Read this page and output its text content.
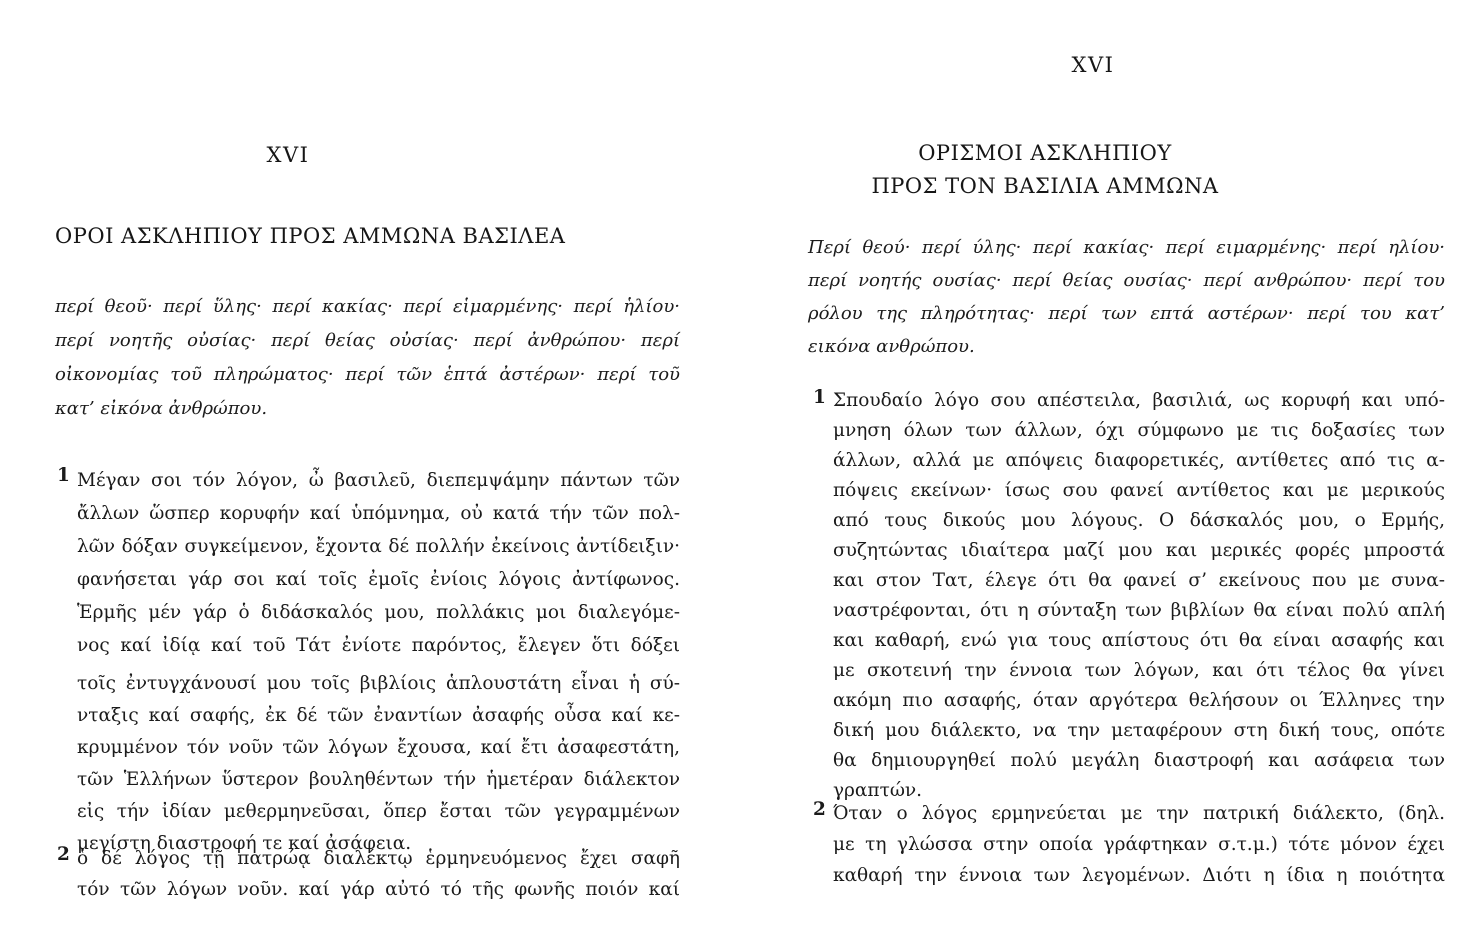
XVI
ΟΡΟΙ ΑΣΚΛΗΠΙΟΥ ΠΡΟΣ ΑΜΜΩΝΑ ΒΑΣΙΛΕΑ
περί θεοῦ· περί ὕλης· περί κακίας· περί εἱμαρμένης· περί ἡλίου·
περί νοητῆς οὐσίας· περί θείας οὐσίας· περί ἀνθρώπου· περί
οἰκονομίας τοῦ πληρώματος· περί τῶν ἑπτά ἀστέρων· περί τοῦ
κατ’ εἰκόνα ἀνθρώπου.
1 Μέγαν σοι τόν λόγον, ὦ βασιλεῦ, διεπεμψάμην πάντων τῶν
ἄλλων ὥσπερ κορυφήν καί ὑπόμνημα, οὐ κατά τήν τῶν πολ-
λῶν δόξαν συγκείμενον, ἔχοντα δέ πολλήν ἐκείνοις ἀντίδειξιν·
φανήσεται γάρ σοι καί τοῖς ἐμοῖς ἐνίοις λόγοις ἀντίφωνος.
Ἑρμῆς μέν γάρ ὁ διδάσκαλός μου, πολλάκις μοι διαλεγόμε-
νος καί ἰδίᾳ καί τοῦ Τάτ ἐνίοτε παρόντος, ἔλεγεν ὅτι δόξει
τοῖς ἐντυγχάνουσί μου τοῖς βιβλίοις ἁπλουστάτη εἶναι ἡ σύ-
νταξις καί σαφής, ἐκ δέ τῶν ἐναντίων ἀσαφής οὖσα καί κε-
κρυμμένον τόν νοῦν τῶν λόγων ἔχουσα, καί ἔτι ἀσαφεστάτη,
τῶν Ἑλλήνων ὕστερον βουληθέντων τήν ἡμετέραν διάλεκτον
εἰς τήν ἰδίαν μεθερμηνεῦσαι, ὅπερ ἔσται τῶν γεγραμμένων
μεγίστη διαστροφή τε καί ἀσάφεια.
2 ὁ δέ λόγος τῇ πατρώᾳ διαλέκτῳ ἑρμηνευόμενος ἔχει σαφῆ
τόν τῶν λόγων νοῦν. καί γάρ αὐτό τό τῆς φωνῆς ποιόν καί
XVI
ΟΡΙΣΜΟΙ ΑΣΚΛΗΠΙΟΥ
ΠΡΟΣ ΤΟΝ ΒΑΣΙΛΙΑ ΑΜΜΩΝΑ
Περί θεού· περί ύλης· περί κακίας· περί ειμαρμένης· περί ηλίου·
περί νοητής ουσίας· περί θείας ουσίας· περί ανθρώπου· περί του
ρόλου της πληρότητας· περί των επτά αστέρων· περί του κατ’
εικόνα ανθρώπου.
1 Σπουδαίο λόγο σου απέστειλα, βασιλιά, ως κορυφή και υπό-
μνηση όλων των άλλων, όχι σύμφωνο με τις δοξασίες των
άλλων, αλλά με απόψεις διαφορετικές, αντίθετες από τις α-
πόψεις εκείνων· ίσως σου φανεί αντίθετος και με μερικούς
από τους δικούς μου λόγους. Ο δάσκαλός μου, ο Ερμής,
συζητώντας ιδιαίτερα μαζί μου και μερικές φορές μπροστά
και στον Τατ, έλεγε ότι θα φανεί σ’ εκείνους που με συνα-
ναστρέφονται, ότι η σύνταξη των βιβλίων θα είναι πολύ απλή
και καθαρή, ενώ για τους απίστους ότι θα είναι ασαφής και
με σκοτεινή την έννοια των λόγων, και ότι τέλος θα γίνει
ακόμη πιο ασαφής, όταν αργότερα θελήσουν οι Έλληνες την
δική μου διάλεκτο, να την μεταφέρουν στη δική τους, οπότε
θα δημιουργηθεί πολύ μεγάλη διαστροφή και ασάφεια των
γραπτών.
2 Όταν ο λόγος ερμηνεύεται με την πατρική διάλεκτο, (δηλ.
με τη γλώσσα στην οποία γράφτηκαν σ.τ.μ.) τότε μόνον έχει
καθαρή την έννοια των λεγομένων. Διότι η ίδια η ποιότητα
